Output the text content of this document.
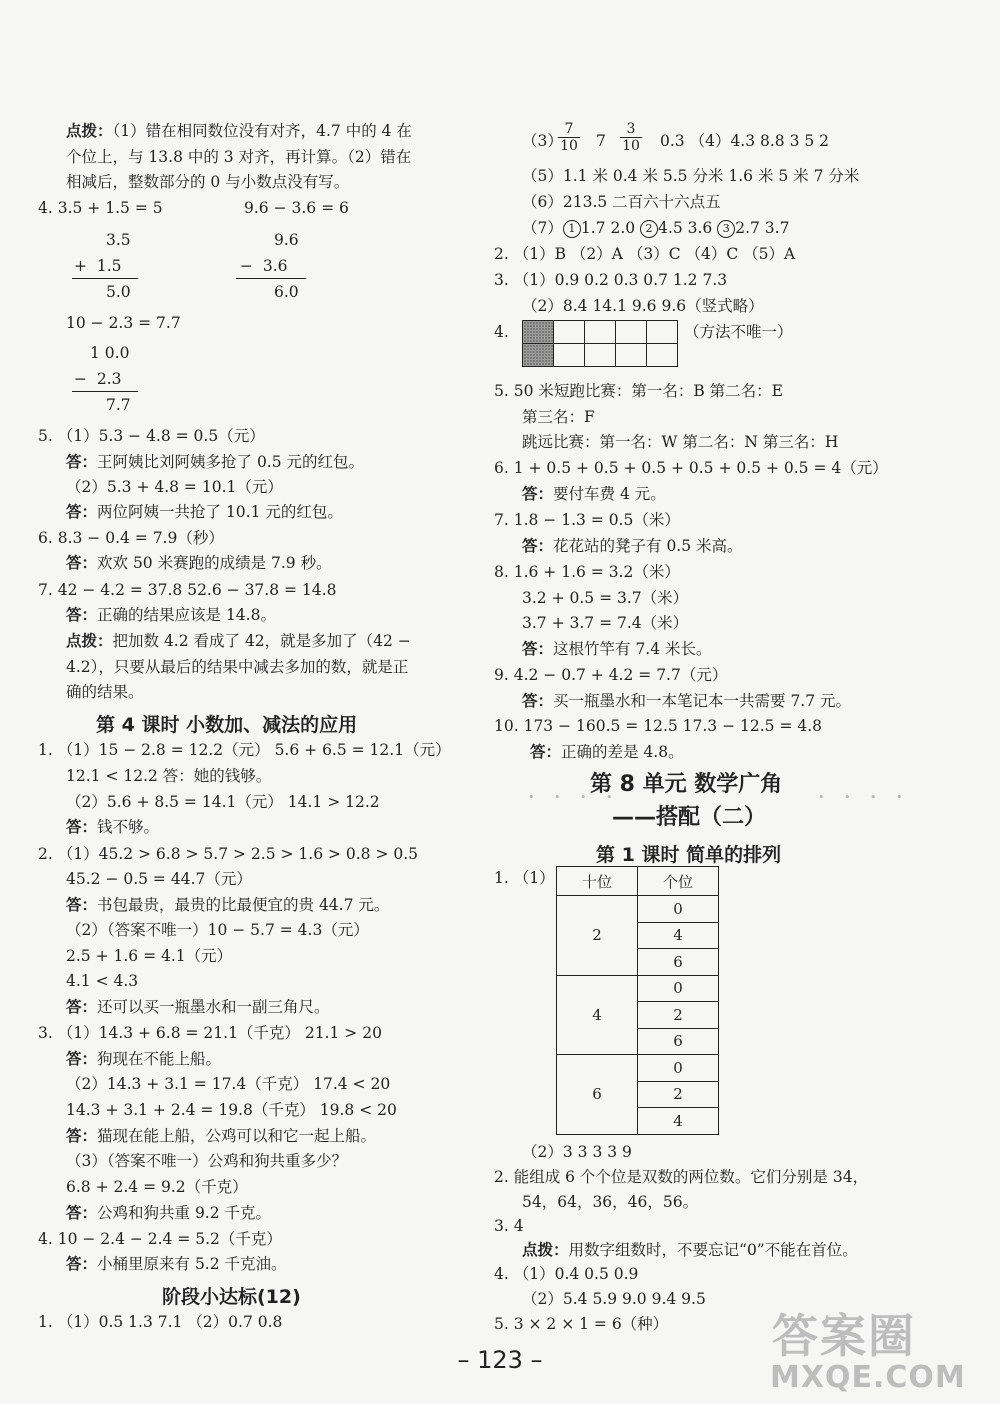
点拨：（1）错在相同数位没有对齐，4.7 中的 4 在
个位上，与 13.8 中的 3 对齐，再计算。（2）错在
相减后，整数部分的 0 与小数点没有写。
4. 3.5 + 1.5 = 5	9.6 − 3.6 = 6
3.5
+  1.5
5.0
9.6
−  3.6
6.0
10 − 2.3 = 7.7
1 0.0
−  2.3
7.7
5. （1）5.3 − 4.8 = 0.5（元）
答：王阿姨比刘阿姨多抢了 0.5 元的红包。
（2）5.3 + 4.8 = 10.1（元）
答：两位阿姨一共抢了 10.1 元的红包。
6. 8.3 − 0.4 = 7.9（秒）
答：欢欢 50 米赛跑的成绩是 7.9 秒。
7. 42 − 4.2 = 37.8 52.6 − 37.8 = 14.8
答：正确的结果应该是 14.8。
点拨：把加数 4.2 看成了 42，就是多加了（42 −
4.2），只要从最后的结果中减去多加的数，就是正
确的结果。
第 4 课时 小数加、减法的应用
1. （1）15 − 2.8 = 12.2（元） 5.6 + 6.5 = 12.1（元）
12.1 < 12.2 答：她的钱够。
（2）5.6 + 8.5 = 14.1（元） 14.1 > 12.2
答：钱不够。
2. （1）45.2 > 6.8 > 5.7 > 2.5 > 1.6 > 0.8 > 0.5
45.2 − 0.5 = 44.7（元）
答：书包最贵，最贵的比最便宜的贵 44.7 元。
（2）（答案不唯一）10 − 5.7 = 4.3（元）
2.5 + 1.6 = 4.1（元）
4.1 < 4.3
答：还可以买一瓶墨水和一副三角尺。
3. （1）14.3 + 6.8 = 21.1（千克） 21.1 > 20
答：狗现在不能上船。
（2）14.3 + 3.1 = 17.4（千克） 17.4 < 20
14.3 + 3.1 + 2.4 = 19.8（千克） 19.8 < 20
答：猫现在能上船，公鸡可以和它一起上船。
（3）（答案不唯一）公鸡和狗共重多少？
6.8 + 2.4 = 9.2（千克）
答：公鸡和狗共重 9.2 千克。
4. 10 − 2.4 − 2.4 = 5.2（千克）
答：小桶里原来有 5.2 千克油。
阶段小达标(12)
1. （1）0.5 1.3 7.1 （2）0.7 0.8
（3）
$\frac{7}{10} 7 \frac{3}{10} 0.3$ （4）4.3 8.8 3 5 2
（5）1.1 米 0.4 米 5.5 分米 1.6 米 5 米 7 分米
（6）213.5 二百六十六点五
（7） 1 1.7 2.0 2 4.5 3.6 3 2.7 3.7
2. （1）B （2）A （3）C （4）C （5）A
3. （1）0.9 0.2 0.3 0.7 1.2 7.3
（2）8.4 14.1 9.6 9.6（竖式略）
4.

					（方法不唯一）
5. 50 米短跑比赛：第一名：B 第二名：E
第三名：F
跳远比赛：第一名：W 第二名：N 第三名：H
6. 1 + 0.5 + 0.5 + 0.5 + 0.5 + 0.5 + 0.5 = 4（元）
答：要付车费 4 元。
7. 1.8 − 1.3 = 0.5（米）
答：花花站的凳子有 0.5 米高。
8. 1.6 + 1.6 = 3.2（米）
3.2 + 0.5 = 3.7（米）
3.7 + 3.7 = 7.4（米）
答：这根竹竿有 7.4 米长。
9. 4.2 − 0.7 + 4.2 = 7.7（元）
答：买一瓶墨水和一本笔记本一共需要 7.7 元。
10. 173 − 160.5 = 12.5 17.3 − 12.5 = 4.8
答：正确的差是 4.8。
第 8 单元 数学广角
• • • •	• • • •
——搭配（二）
第 1 课时 简单的排列
1. （1） 十位	个位
2	0
	4
	6
4	0
	2
	6
6	0
	2
	4
（2）3 3 3 3 9
2. 能组成 6 个个位是双数的两位数。它们分别是 34，
54，64，36，46，56。
3. 4
点拨：用数字组数时，不要忘记“0”不能在首位。
4. （1）0.4 0.5 0.9
（2）5.4 5.9 9.0 9.4 9.5
5. 3 × 2 × 1 = 6（种）
– 123 –	答案圈
MXQE.COM
